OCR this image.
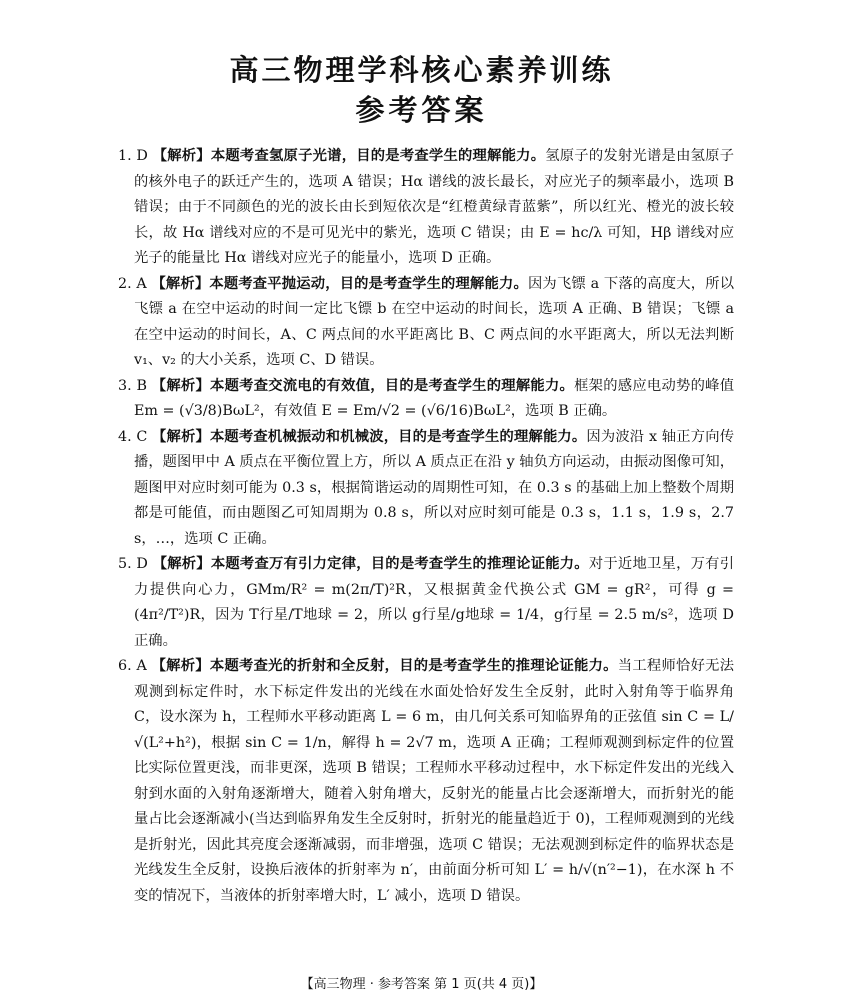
高三物理学科核心素养训练
参考答案
1. D 【解析】本题考查氢原子光谱，目的是考查学生的理解能力。氢原子的发射光谱是由氢原子的核外电子的跃迁产生的，选项 A 错误；Hα 谱线的波长最长，对应光子的频率最小，选项 B 错误；由于不同颜色的光的波长由长到短依次是“红橙黄绿青蓝紫”，所以红光、橙光的波长较长，故 Hα 谱线对应的不是可见光中的紫光，选项 C 错误；由 E = hc/λ 可知，Hβ 谱线对应光子的能量比 Hα 谱线对应光子的能量小，选项 D 正确。
2. A 【解析】本题考查平抛运动，目的是考查学生的理解能力。因为飞镖 a 下落的高度大，所以飞镖 a 在空中运动的时间一定比飞镖 b 在空中运动的时间长，选项 A 正确、B 错误；飞镖 a 在空中运动的时间长，A、C 两点间的水平距离比 B、C 两点间的水平距离大，所以无法判断 v₁、v₂ 的大小关系，选项 C、D 错误。
3. B 【解析】本题考查交流电的有效值，目的是考查学生的理解能力。框架的感应电动势的峰值 Em = (√3/8)BωL²，有效值 E = Em/√2 = (√6/16)BωL²，选项 B 正确。
4. C 【解析】本题考查机械振动和机械波，目的是考查学生的理解能力。因为波沿 x 轴正方向传播，题图甲中 A 质点在平衡位置上方，所以 A 质点正在沿 y 轴负方向运动，由振动图像可知，题图甲对应时刻可能为 0.3 s，根据简谐运动的周期性可知，在 0.3 s 的基础上加上整数个周期都是可能值，而由题图乙可知周期为 0.8 s，所以对应时刻可能是 0.3 s，1.1 s，1.9 s，2.7 s，…，选项 C 正确。
5. D 【解析】本题考查万有引力定律，目的是考查学生的推理论证能力。对于近地卫星，万有引力提供向心力，GMm/R² = m(2π/T)²R，又根据黄金代换公式 GM = gR²，可得 g = (4π²/T²)R，因为 T行星/T地球 = 2，所以 g行星/g地球 = 1/4，g行星 = 2.5 m/s²，选项 D 正确。
6. A 【解析】本题考查光的折射和全反射，目的是考查学生的推理论证能力。当工程师恰好无法观测到标定件时，水下标定件发出的光线在水面处恰好发生全反射，此时入射角等于临界角 C，设水深为 h，工程师水平移动距离 L = 6 m，由几何关系可知临界角的正弦值 sin C = L/√(L²+h²)，根据 sin C = 1/n，解得 h = 2√7 m，选项 A 正确；工程师观测到标定件的位置比实际位置更浅，而非更深，选项 B 错误；工程师水平移动过程中，水下标定件发出的光线入射到水面的入射角逐渐增大，随着入射角增大，反射光的能量占比会逐渐增大，而折射光的能量占比会逐渐减小(当达到临界角发生全反射时，折射光的能量趋近于 0)，工程师观测到的光线是折射光，因此其亮度会逐渐减弱，而非增强，选项 C 错误；无法观测到标定件的临界状态是光线发生全反射，设换后液体的折射率为 n′，由前面分析可知 L′ = h/√(n′²−1)，在水深 h 不变的情况下，当液体的折射率增大时，L′ 减小，选项 D 错误。
【高三物理 · 参考答案 第 1 页(共 4 页)】
